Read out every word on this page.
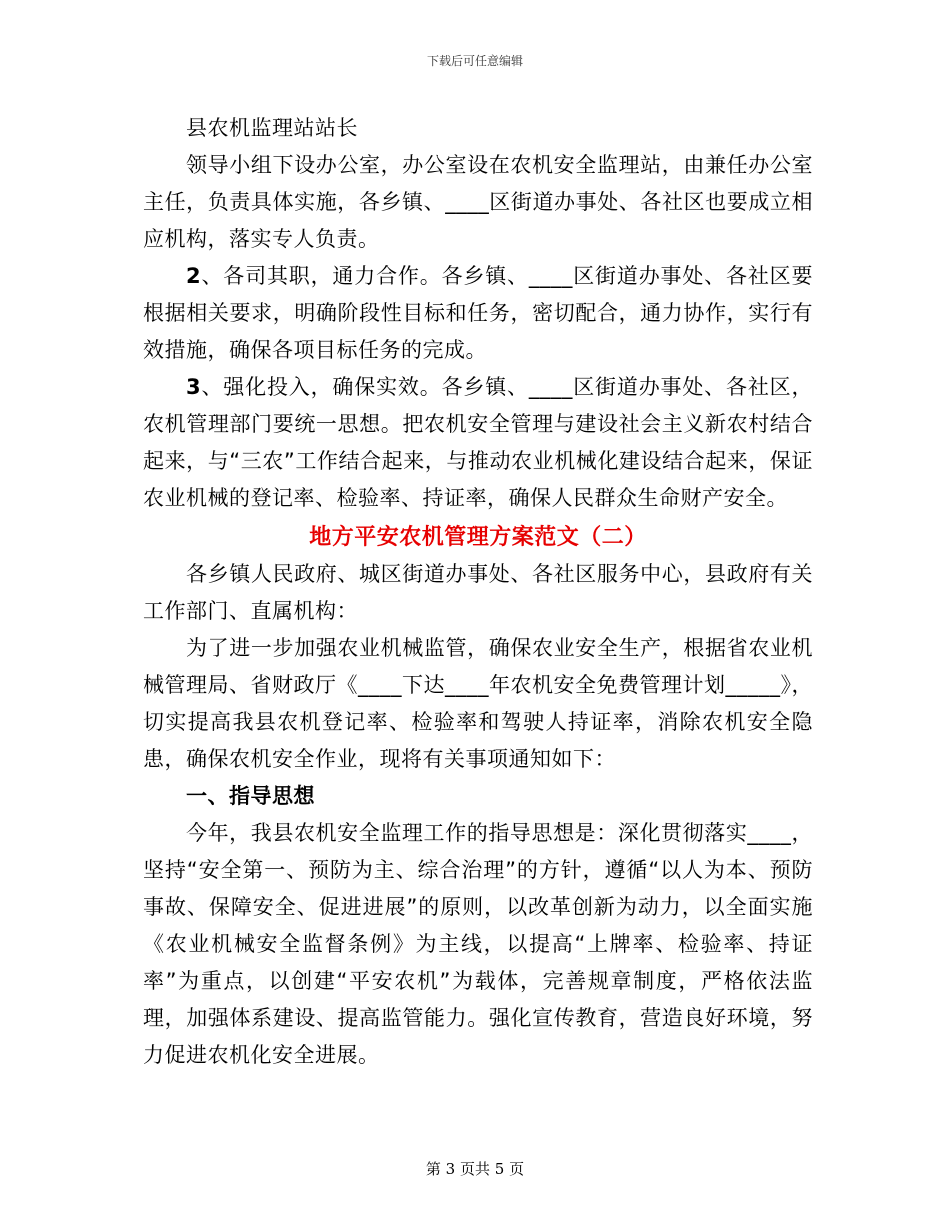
下载后可任意编辑

县农机监理站站长

领导小组下设办公室，办公室设在农机安全监理站，由兼任办公室主任，负责具体实施，各乡镇、____区街道办事处、各社区也要成立相应机构，落实专人负责。

2、各司其职，通力合作。各乡镇、____区街道办事处、各社区要根据相关要求，明确阶段性目标和任务，密切配合，通力协作，实行有效措施，确保各项目标任务的完成。

3、强化投入，确保实效。各乡镇、____区街道办事处、各社区，农机管理部门要统一思想。把农机安全管理与建设社会主义新农村结合起来，与“三农”工作结合起来，与推动农业机械化建设结合起来，保证农业机械的登记率、检验率、持证率，确保人民群众生命财产安全。

地方平安农机管理方案范文（二）

各乡镇人民政府、城区街道办事处、各社区服务中心，县政府有关工作部门、直属机构：

为了进一步加强农业机械监管，确保农业安全生产，根据省农业机械管理局、省财政厅《____下达____年农机安全免费管理计划_____》，切实提高我县农机登记率、检验率和驾驶人持证率，消除农机安全隐患，确保农机安全作业，现将有关事项通知如下：

一、指导思想

今年，我县农机安全监理工作的指导思想是：深化贯彻落实____，坚持“安全第一、预防为主、综合治理”的方针，遵循“以人为本、预防事故、保障安全、促进进展”的原则，以改革创新为动力，以全面实施《农业机械安全监督条例》为主线，以提高“上牌率、检验率、持证率”为重点，以创建“平安农机”为载体，完善规章制度，严格依法监理，加强体系建设、提高监管能力。强化宣传教育，营造良好环境，努力促进农机化安全进展。

第 3 页共 5 页
